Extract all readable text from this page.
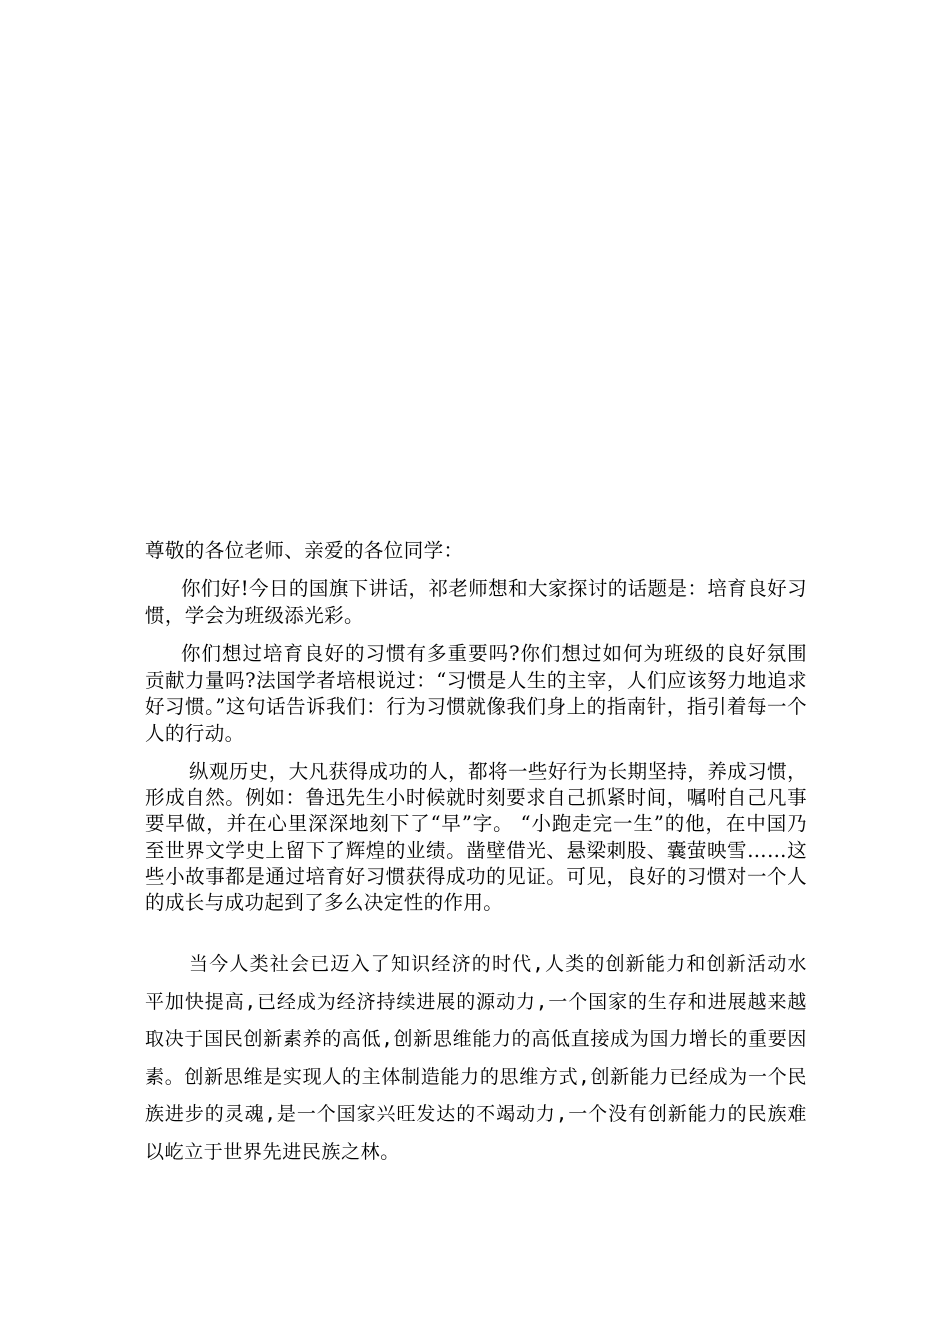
尊敬的各位老师、亲爱的各位同学：

你们好!今日的国旗下讲话，祁老师想和大家探讨的话题是：培育良好习惯，学会为班级添光彩。

你们想过培育良好的习惯有多重要吗?你们想过如何为班级的良好氛围贡献力量吗?法国学者培根说过：“习惯是人生的主宰，人们应该努力地追求好习惯。”这句话告诉我们：行为习惯就像我们身上的指南针，指引着每一个人的行动。

纵观历史，大凡获得成功的人，都将一些好行为长期坚持，养成习惯，形成自然。例如：鲁迅先生小时候就时刻要求自己抓紧时间，嘱咐自己凡事要早做，并在心里深深地刻下了“早”字。 “小跑走完一生”的他，在中国乃至世界文学史上留下了辉煌的业绩。凿壁借光、悬梁刺股、囊萤映雪……这些小故事都是通过培育好习惯获得成功的见证。可见，良好的习惯对一个人的成长与成功起到了多么决定性的作用。

当今人类社会已迈入了知识经济的时代,人类的创新能力和创新活动水平加快提高,已经成为经济持续进展的源动力,一个国家的生存和进展越来越取决于国民创新素养的高低,创新思维能力的高低直接成为国力增长的重要因素。创新思维是实现人的主体制造能力的思维方式,创新能力已经成为一个民族进步的灵魂,是一个国家兴旺发达的不竭动力,一个没有创新能力的民族难以屹立于世界先进民族之林。
